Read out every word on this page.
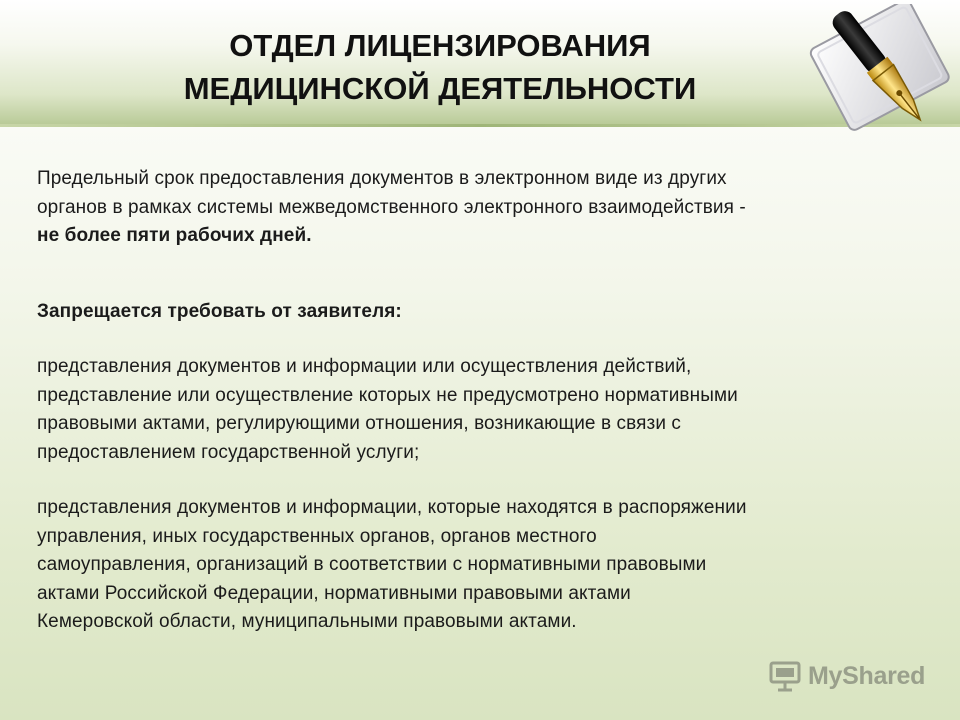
ОТДЕЛ ЛИЦЕНЗИРОВАНИЯ
МЕДИЦИНСКОЙ ДЕЯТЕЛЬНОСТИ

Предельный срок предоставления документов в электронном виде из других

органов в рамках системы межведомственного электронного взаимодействия -

не более пяти рабочих дней.

Запрещается требовать от заявителя:

представления документов и информации или осуществления действий,

представление или осуществление которых не предусмотрено нормативными

правовыми актами, регулирующими отношения, возникающие в связи с

предоставлением государственной услуги;

представления документов и информации, которые находятся в распоряжении

управления, иных государственных органов, органов местного

самоуправления, организаций в соответствии с нормативными правовыми

актами Российской Федерации, нормативными правовыми актами

Кемеровской области, муниципальными правовыми актами.

MyShared
